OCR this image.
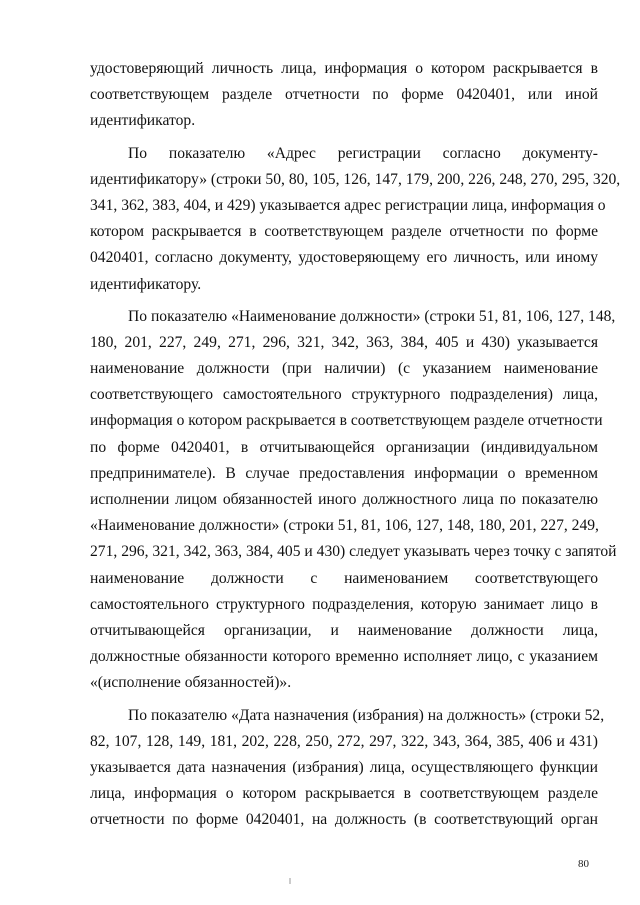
удостоверяющий личность лица, информация о котором раскрывается в
соответствующем разделе отчетности по форме 0420401, или иной
идентификатор.
По показателю «Адрес регистрации согласно документу-
идентификатору» (строки 50, 80, 105, 126, 147, 179, 200, 226, 248, 270, 295, 320,
341, 362, 383, 404, и 429) указывается адрес регистрации лица, информация о
котором раскрывается в соответствующем разделе отчетности по форме
0420401, согласно документу, удостоверяющему его личность, или иному
идентификатору.
По показателю «Наименование должности» (строки 51, 81, 106, 127, 148,
180, 201, 227, 249, 271, 296, 321, 342, 363, 384, 405 и 430) указывается
наименование должности (при наличии) (с указанием наименование
соответствующего самостоятельного структурного подразделения) лица,
информация о котором раскрывается в соответствующем разделе отчетности
по форме 0420401, в отчитывающейся организации (индивидуальном
предпринимателе). В случае предоставления информации о временном
исполнении лицом обязанностей иного должностного лица по показателю
«Наименование должности» (строки 51, 81, 106, 127, 148, 180, 201, 227, 249,
271, 296, 321, 342, 363, 384, 405 и 430) следует указывать через точку с запятой
наименование должности с наименованием соответствующего
самостоятельного структурного подразделения, которую занимает лицо в
отчитывающейся организации, и наименование должности лица,
должностные обязанности которого временно исполняет лицо, с указанием
«(исполнение обязанностей)».
По показателю «Дата назначения (избрания) на должность» (строки 52,
82, 107, 128, 149, 181, 202, 228, 250, 272, 297, 322, 343, 364, 385, 406 и 431)
указывается дата назначения (избрания) лица, осуществляющего функции
лица, информация о котором раскрывается в соответствующем разделе
отчетности по форме 0420401, на должность (в соответствующий орган
80
